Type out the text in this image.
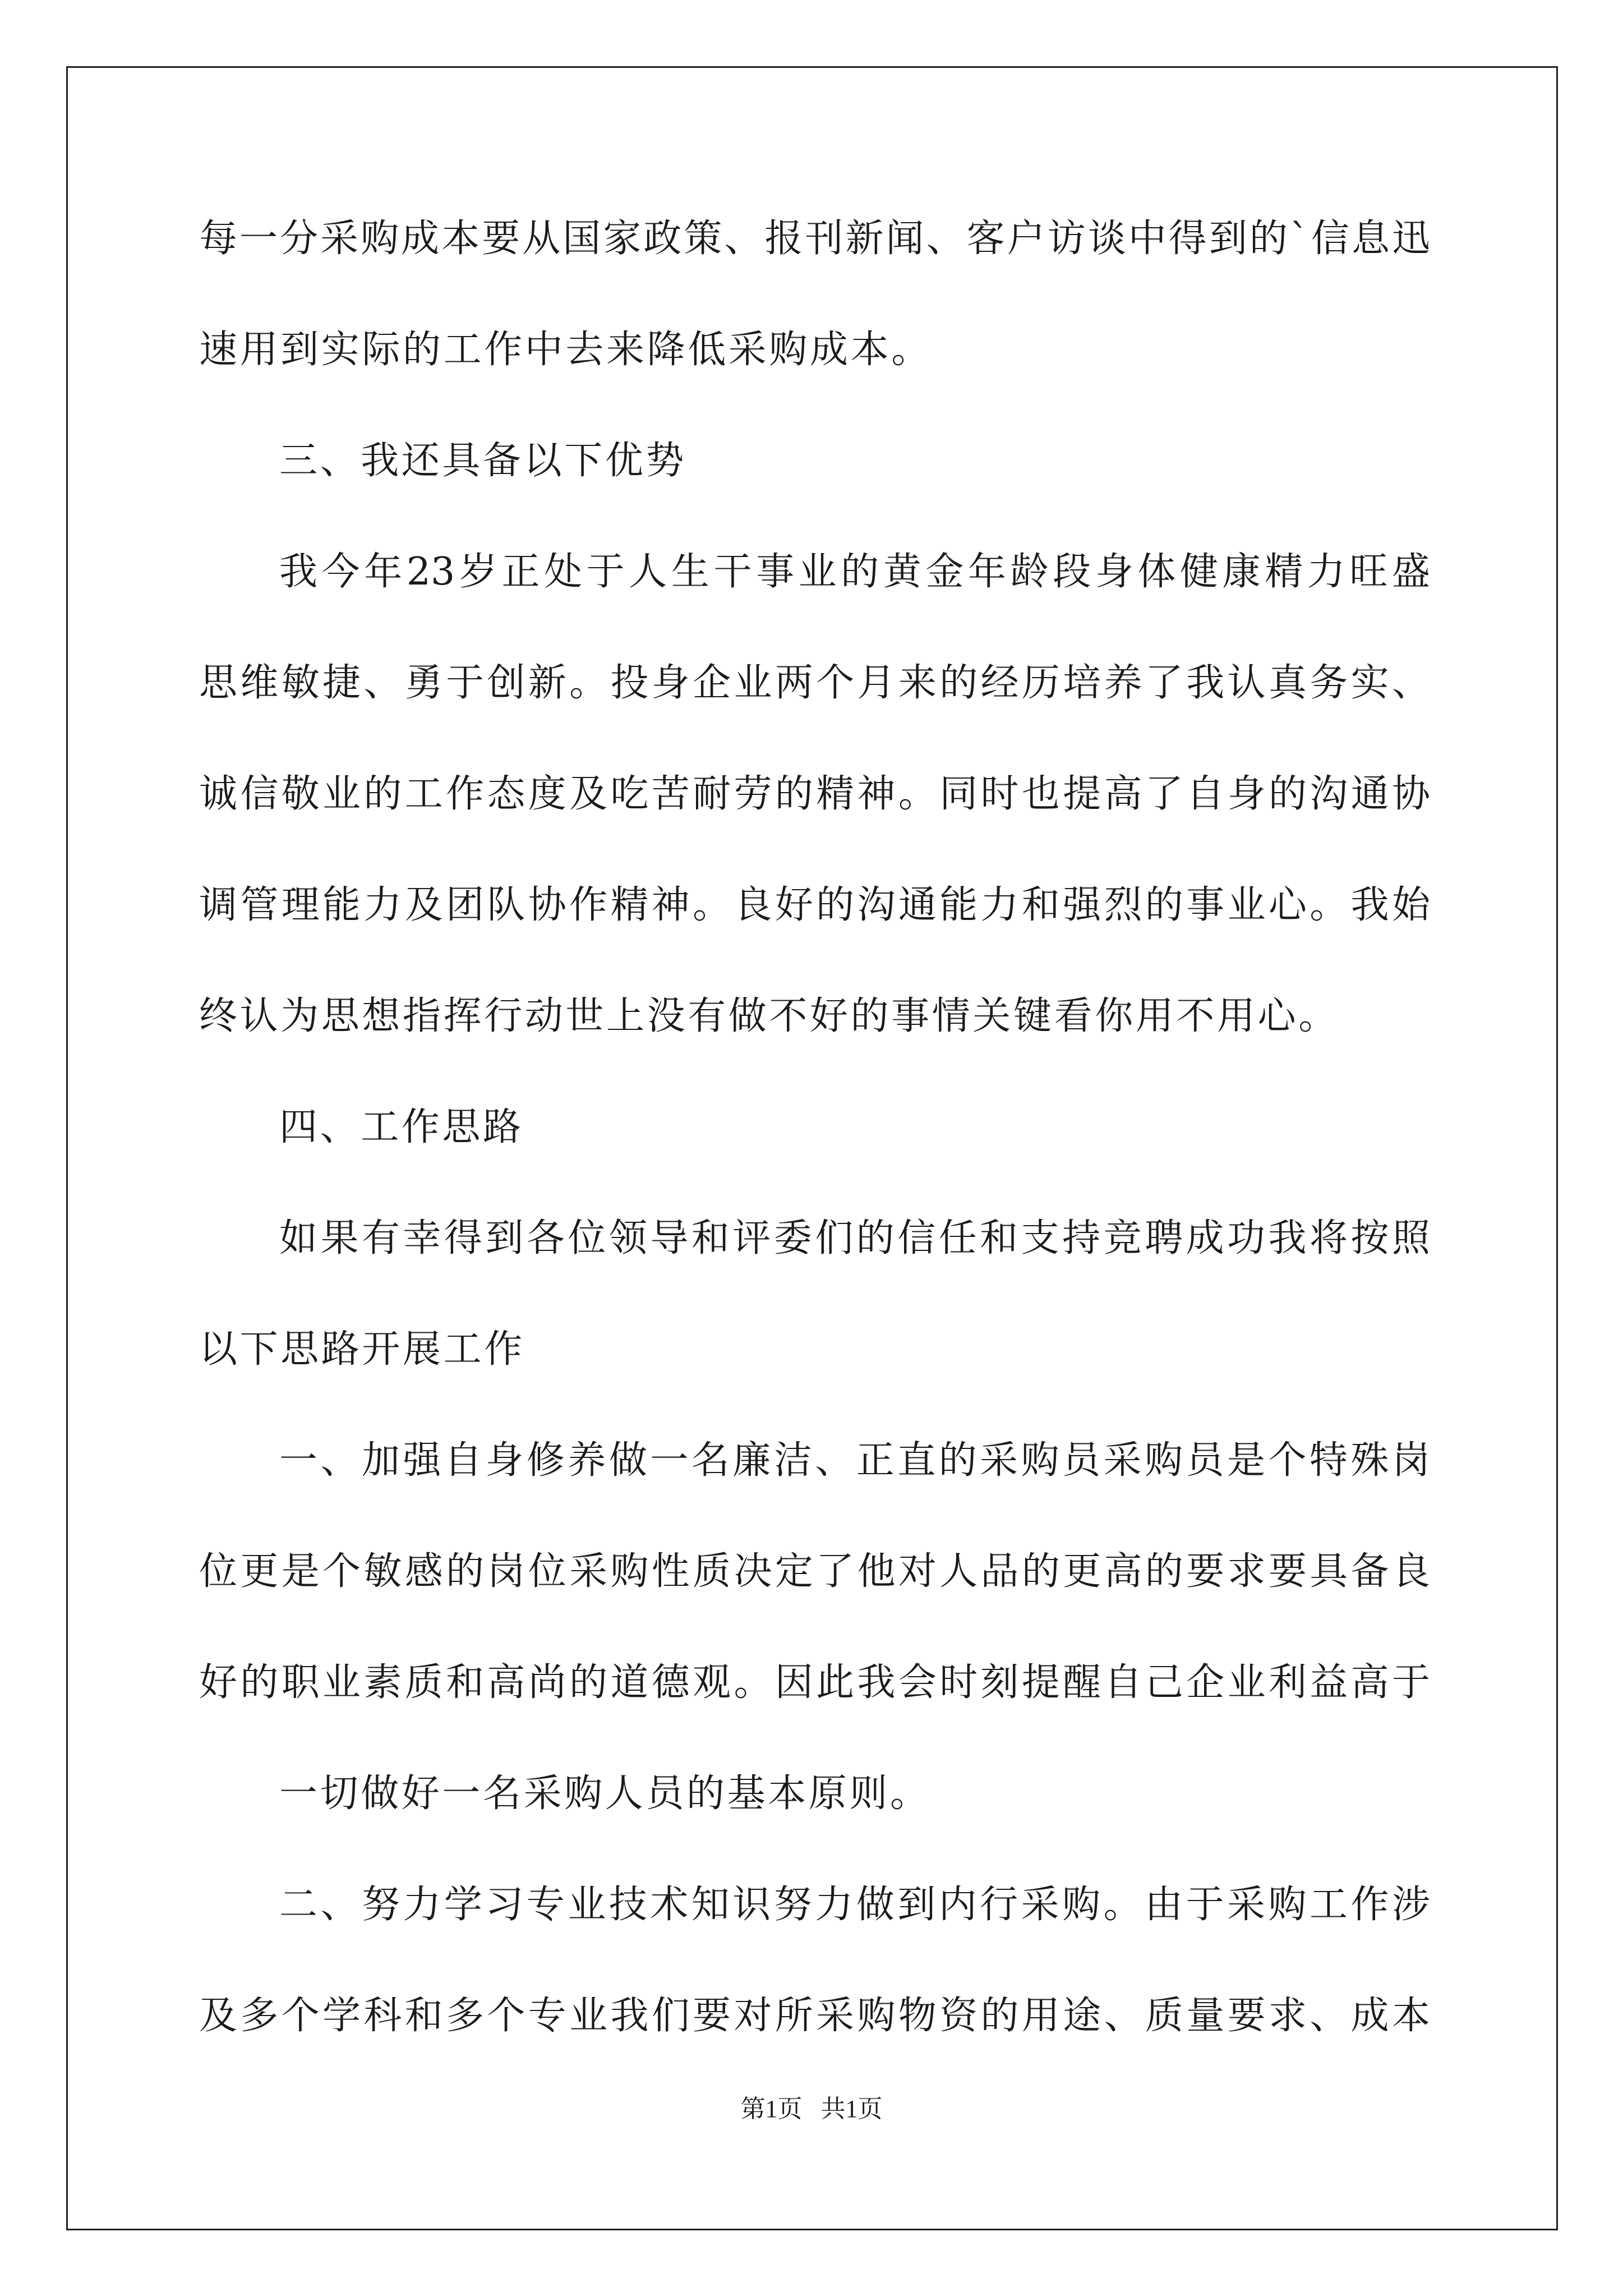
每一分采购成本要从国家政策、报刊新闻、客户访谈中得到的`信息迅
速用到实际的工作中去来降低采购成本。
三、我还具备以下优势
我今年23岁正处于人生干事业的黄金年龄段身体健康精力旺盛
思维敏捷、勇于创新。投身企业两个月来的经历培养了我认真务实、
诚信敬业的工作态度及吃苦耐劳的精神。同时也提高了自身的沟通协
调管理能力及团队协作精神。良好的沟通能力和强烈的事业心。我始
终认为思想指挥行动世上没有做不好的事情关键看你用不用心。
四、工作思路
如果有幸得到各位领导和评委们的信任和支持竞聘成功我将按照
以下思路开展工作
一、加强自身修养做一名廉洁、正直的采购员采购员是个特殊岗
位更是个敏感的岗位采购性质决定了他对人品的更高的要求要具备良
好的职业素质和高尚的道德观。因此我会时刻提醒自己企业利益高于
一切做好一名采购人员的基本原则。
二、努力学习专业技术知识努力做到内行采购。由于采购工作涉
及多个学科和多个专业我们要对所采购物资的用途、质量要求、成本
第1页   共1页
